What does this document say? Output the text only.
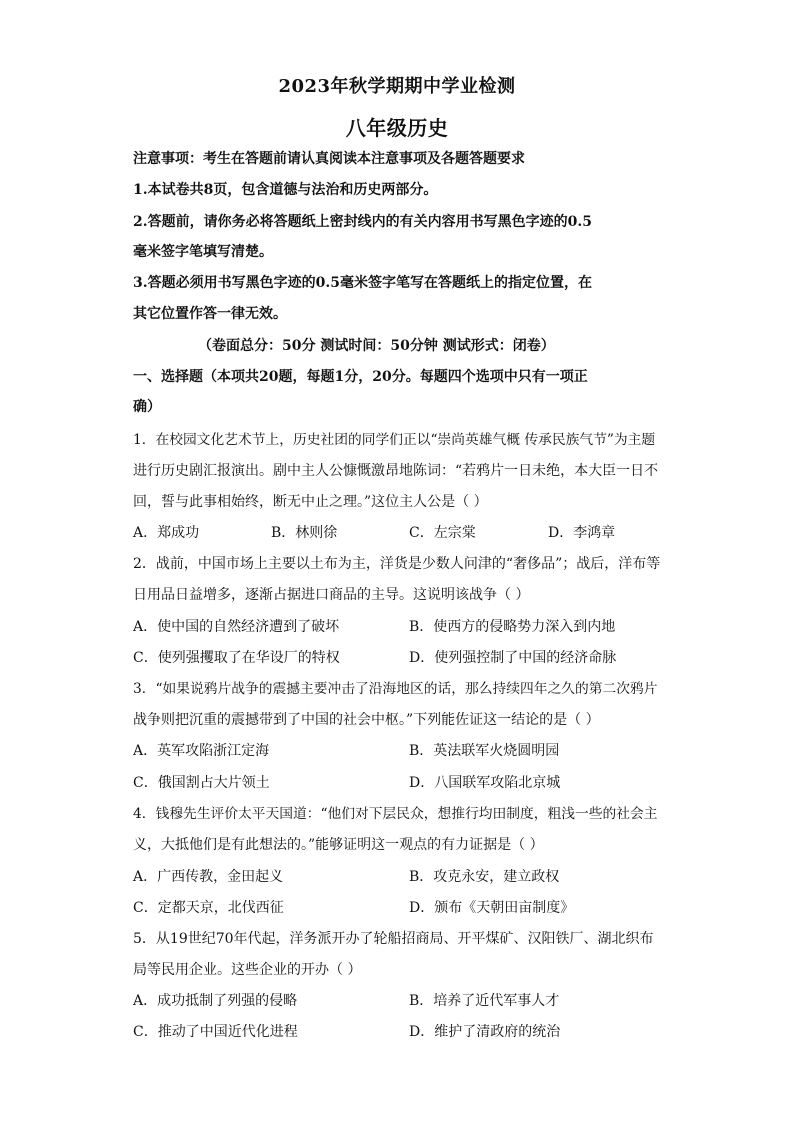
2023年秋学期期中学业检测
八年级历史
注意事项：考生在答题前请认真阅读本注意事项及各题答题要求
1.本试卷共8页，包含道德与法治和历史两部分。
2.答题前，请你务必将答题纸上密封线内的有关内容用书写黑色字迹的0.5
毫米签字笔填写清楚。
3.答题必须用书写黑色字迹的0.5毫米签字笔写在答题纸上的指定位置，在
其它位置作答一律无效。
（卷面总分：50分 测试时间：50分钟 测试形式：闭卷）
一、选择题（本项共20题，每题1分，20分。每题四个选项中只有一项正
确）
1．在校园文化艺术节上，历史社团的同学们正以“崇尚英雄气概 传承民族气节”为主题
进行历史剧汇报演出。剧中主人公慷慨激昂地陈词：“若鸦片一日未绝，本大臣一日不
回，誓与此事相始终，断无中止之理。”这位主人公是（ ）
A．郑成功	B．林则徐	C．左宗棠	D．李鸿章
2．战前，中国市场上主要以土布为主，洋货是少数人问津的“奢侈品”；战后，洋布等
日用品日益增多，逐渐占据进口商品的主导。这说明该战争（ ）
A．使中国的自然经济遭到了破坏	B．使西方的侵略势力深入到内地
C．使列强攫取了在华设厂的特权	D．使列强控制了中国的经济命脉
3．“如果说鸦片战争的震撼主要冲击了沿海地区的话，那么持续四年之久的第二次鸦片
战争则把沉重的震撼带到了中国的社会中枢。”下列能佐证这一结论的是（ ）
A．英军攻陷浙江定海	B．英法联军火烧圆明园
C．俄国割占大片领土	D．八国联军攻陷北京城
4．钱穆先生评价太平天国道：“他们对下层民众，想推行均田制度，粗浅一些的社会主
义，大抵他们是有此想法的。”能够证明这一观点的有力证据是（ ）
A．广西传教，金田起义	B．攻克永安，建立政权
C．定都天京，北伐西征	D．颁布《天朝田亩制度》
5．从19世纪70年代起，洋务派开办了轮船招商局、开平煤矿、汉阳铁厂、湖北织布
局等民用企业。这些企业的开办（ ）
A．成功抵制了列强的侵略	B．培养了近代军事人才
C．推动了中国近代化进程	D．维护了清政府的统治
